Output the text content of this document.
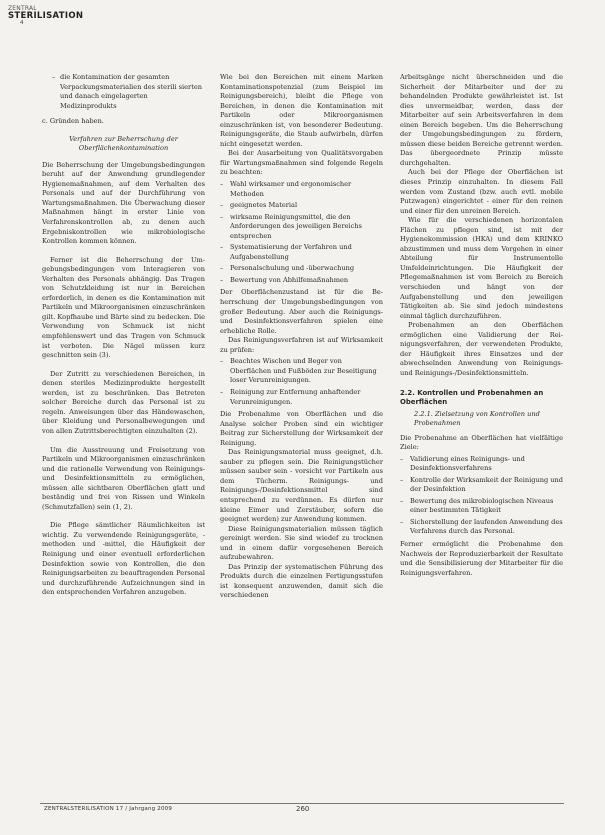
ZENTRAL
STERILISATION
4
– die Kontamination der gesamten Verpackungsmaterialien des sterili sierten und danach eingelagerten Medizinprodukts

c. Gründen haben.

Verfahren zur Beherrschung der Oberflächenkontamination

Die Beherrschung der Umgebungsbedingungen beruht auf der Anwendung grundlegender Hygienemaßnahmen, auf dem Verhalten des Personals und auf der Durchführung von Wartungsmaßnahmen. Die Überwachung dieser Maßnahmen hängt in erster Linie von Verfahrenskontrollen ab, zu denen auch Ergebniskontrollen wie mikrobiologische Kontrollen kommen können.

Ferner ist die Beherrschung der Umgebungsbedingungen vom Interagieren von Verhalten des Personals abhängig. Das Tragen von Schutzkleidung ist nur in Bereichen erforderlich, in denen es die Kontamination mit Partikeln und Mikroorganismen einzuschränken gilt. Kopfhaube und Bärte sind zu bedecken. Die Verwendung von Schmuck ist nicht empfehlenswert und das Tragen von Schmuck ist verboten. Die Nägel müssen kurz geschnitten sein (3).

Der Zutritt zu verschiedenen Bereichen, in denen steriles Medizinprodukte hergestellt werden, ist zu beschränken. Das Betreten solcher Bereiche durch das Personal ist zu regeln. Anweisungen über das Händewaschen, über Kleidung und Personalbewegungen und von allen Zutrittsberechtigten einzuhalten (2).

Um die Ausstreuung und Freisetzung von Partikeln und Mikroorganismen einzuschränken und die rationelle Verwendung von Reinigungs- und Desinfektionsmitteln zu ermöglichen, müssen alle sichtbaren Oberflächen glatt und beständig und frei von Rissen und Winkeln (Schmutzfallen) sein (1, 2).

Die Pflege sämtlicher Räumlichkeiten ist wichtig. Zu verwendende Reinigungsgeräte, -methoden und -mittel, die Häufigkeit der Reinigung und einer eventuell erforderlichen Desinfektion sowie von Kontrollen, die den Reinigungsarbeiten zu beauftragenden Personal und durchzuführende Aufzeichnungen sind in den entsprechenden Verfahren anzugeben.

Wie bei den Bereichen mit einem Marken Kontaminationspotenzial (zum Beispiel im Reinigungsbereich), bleibt die Pflege von Bereichen, in denen die Kontamination mit Partikeln oder Mikroorganismen einzuschränken ist, von besonderer Bedeutung. Reinigungsgeräte, die Staub aufwirbeln, dürfen nicht eingesetzt werden.

Bei der Ausarbeitung von Qualitätsvorgaben für Wartungsmaßnahmen sind folgende Regeln zu beachten:

– Wahl wirksamer und ergonomischer Methoden
– geeignetes Material
– wirksame Reinigungsmittel, die den Anforderungen des jeweiligen Bereichs entsprechen
– Systematisierung der Verfahren und Aufgabenstellung
– Personalschulung und -überwachung
– Bewertung von Abhilfemaßnahmen

Der Oberflächenzustand ist für die Beherrschung der Umgebungsbedingungen von großer Bedeutung. Aber auch die Reinigungs- und Desinfektionsverfahren spielen eine erhebliche Rolle.

Das Reinigungsverfahren ist auf Wirksamkeit zu prüfen:

– Beachtes Wischen und Beger von Oberflächen und Fußböden zur Beseitigung loser Verunreinigungen.
– Reinigung zur Entfernung anhaftender Verunreinigungen.

Die Probenahme von Oberflächen und die Analyse solcher Proben sind ein wichtiger Beitrag zur Sicherstellung der Wirksamkeit der Reinigung.

Das Reinigungsmaterial muss geeignet, d.h. sauber zu pflegen sein. Die Reinigungstücher müssen sauber sein - vorsicht vor Partikeln aus dem Tücherm. Reinigungs- und Reinigungs-/Desinfektionsmittel sind entsprechend zu verdünnen. Es dürfen nur kleine Eimer und Zerstäuber, sofern die geeignet werden) zur Anwendung kommen.

Diese Reinigungsmaterialien müssen täglich gereinigt werden. Sie sind wiedef zu trocknen und in einem dafür vorgesehenen Bereich aufzubewahren.

Das Prinzip der systematischen Führung des Produkts durch die einzelnen Fertigungsstufen ist konsequent anzuwenden, damit sich die verschiedenen

Arbeitsgänge nicht überschneiden und die Sicherheit der Mitarbeiter und der zu behandelnden Produkte gewährleistet ist. Ist dies unvermeidbar, werden, dass der Mitarbeiter auf sein Arbeitsverfahren in dem einen Bereich begeben. Um die Beherrschung der Umgebungsbedingungen zu fördern, müssen diese beiden Bereiche getrennt werden. Das übergeordnete Prinzip müsste durchgehalten.

Auch bei der Pflege der Oberflächen ist dieses Prinzip einzuhalten. In diesem Fall werden vom Zustand (bzw. auch evtl. mobile Putzwagen) eingerichtet - einer für den reinen und einer für den unreinen Bereich.

Wie für die verschiedenen horizontalen Flächen zu pflegen sind, ist mit der Hygienekommission (HKA) und dem KRINKO abzustimmen und muss dem Vorgehen in einer Abteilung für Instrumentelle Umfeldeinrichtungen. Die Häufigkeit der Pflegemaßnahmen ist vom Bereich zu Bereich verschieden und hängt von der Aufgabenstellung und den jeweiligen Tätigkeiten ab. Sie sind jedoch mindestens einmal täglich durchzuführen.

Probenahmen an den Oberflächen ermöglichen eine Validierung der Reinigungsverfahren, der verwendeten Produkte, der Häufigkeit ihres Einsatzes und der abwechselnden Anwendung von Reinigungs- und Reinigungs-/Desinfektionsmitteln.

2.2. Kontrollen und Probenahmen an Oberflächen
2.2.1. Zielsetzung von Kontrollen und Probenahmen

Die Probenahme an Oberflächen hat vielfältige Ziele:

– Validierung eines Reinigungs- und Desinfektionsverfahrens
– Kontrolle der Wirksamkeit der Reinigung und der Desinfektion
– Bewertung des mikrobiologischen Niveaus einer bestimmten Tätigkeit
– Sicherstellung der laufenden Anwendung des Verfahrens durch das Personal.

Ferner ermöglicht die Probenahme den Nachweis der Reproduzierbarkeit der Resultate und die Sensibilisierung der Mitarbeiter für die Reinigungsverfahren.

ZENTRALSTERILISATION 17 / Jahrgang 2009	260
